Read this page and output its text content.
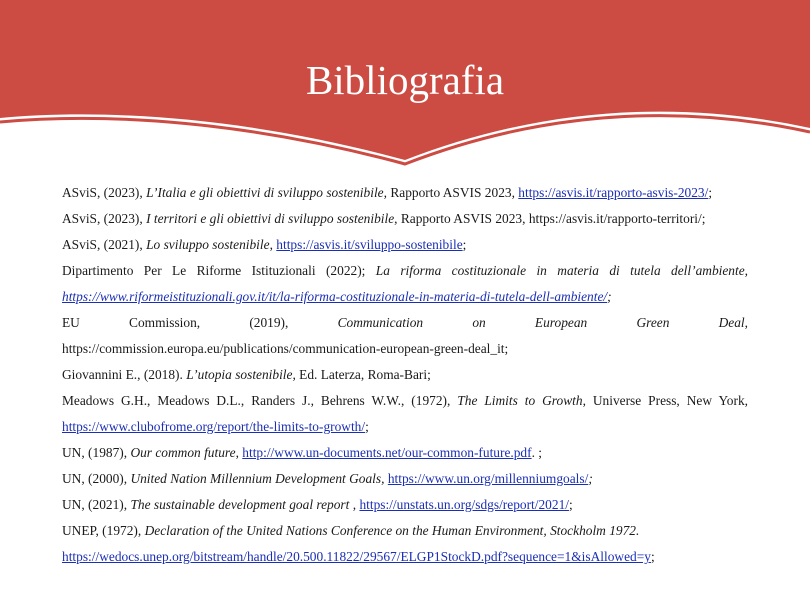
Bibliografia

ASviS, (2023), L’Italia e gli obiettivi di sviluppo sostenibile, Rapporto ASVIS 2023, https://asvis.it/rapporto-asvis-2023/;

ASviS, (2023), I territori e gli obiettivi di sviluppo sostenibile, Rapporto ASVIS 2023, https://asvis.it/rapporto-territori/;

ASviS, (2021), Lo sviluppo sostenibile, https://asvis.it/sviluppo-sostenibile;

Dipartimento Per Le Riforme Istituzionali (2022); La riforma costituzionale in materia di tutela dell’ambiente,
https://www.riformeistituzionali.gov.it/it/la-riforma-costituzionale-in-materia-di-tutela-dell-ambiente/;

EU Commission, (2019), Communication on European Green Deal,
https://commission.europa.eu/publications/communication-european-green-deal_it;

Giovannini E., (2018). L’utopia sostenibile, Ed. Laterza, Roma-Bari;

Meadows G.H., Meadows D.L., Randers J., Behrens W.W., (1972), The Limits to Growth, Universe Press, New York,
https://www.clubofrome.org/report/the-limits-to-growth/;

UN, (1987), Our common future, http://www.un-documents.net/our-common-future.pdf. ;

UN, (2000), United Nation Millennium Development Goals, https://www.un.org/millenniumgoals/;

UN, (2021), The sustainable development goal report , https://unstats.un.org/sdgs/report/2021/;

UNEP, (1972), Declaration of the United Nations Conference on the Human Environment, Stockholm 1972.

https://wedocs.unep.org/bitstream/handle/20.500.11822/29567/ELGP1StockD.pdf?sequence=1&isAllowed=y;
